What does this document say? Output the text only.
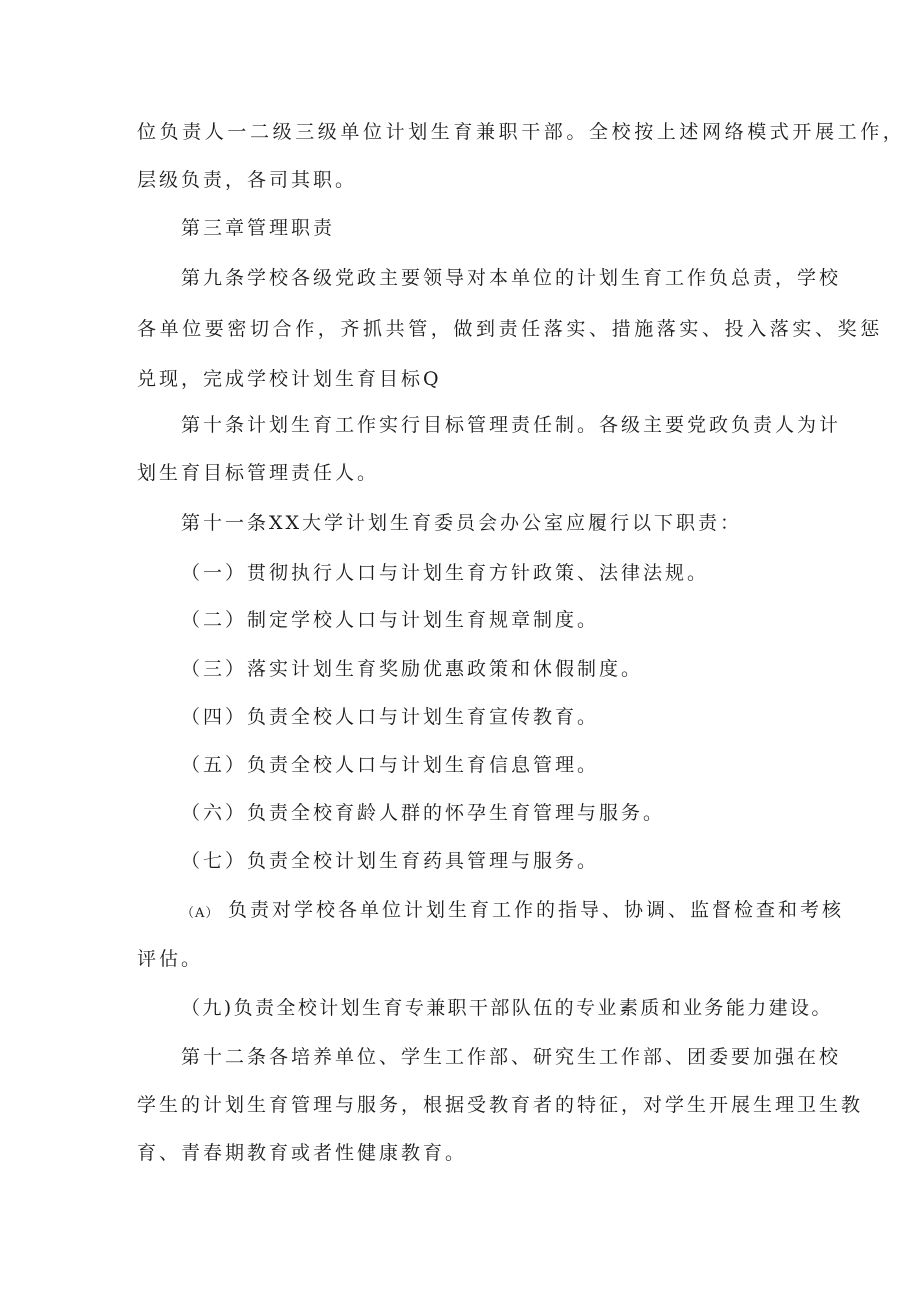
位负责人一二级三级单位计划生育兼职干部。全校按上述网络模式开展工作，
层级负责，各司其职。
第三章管理职责
第九条学校各级党政主要领导对本单位的计划生育工作负总责，学校
各单位要密切合作，齐抓共管，做到责任落实、措施落实、投入落实、奖惩
兑现，完成学校计划生育目标Q
第十条计划生育工作实行目标管理责任制。各级主要党政负责人为计
划生育目标管理责任人。
第十一条XX大学计划生育委员会办公室应履行以下职责：
（一）贯彻执行人口与计划生育方针政策、法律法规。
（二）制定学校人口与计划生育规章制度。
（三）落实计划生育奖励优惠政策和休假制度。
（四）负责全校人口与计划生育宣传教育。
（五）负责全校人口与计划生育信息管理。
（六）负责全校育龄人群的怀孕生育管理与服务。
（七）负责全校计划生育药具管理与服务。
（A） 负责对学校各单位计划生育工作的指导、协调、监督检查和考核
评估。
（九)负责全校计划生育专兼职干部队伍的专业素质和业务能力建设。
第十二条各培养单位、学生工作部、研究生工作部、团委要加强在校
学生的计划生育管理与服务，根据受教育者的特征，对学生开展生理卫生教
育、青春期教育或者性健康教育。
